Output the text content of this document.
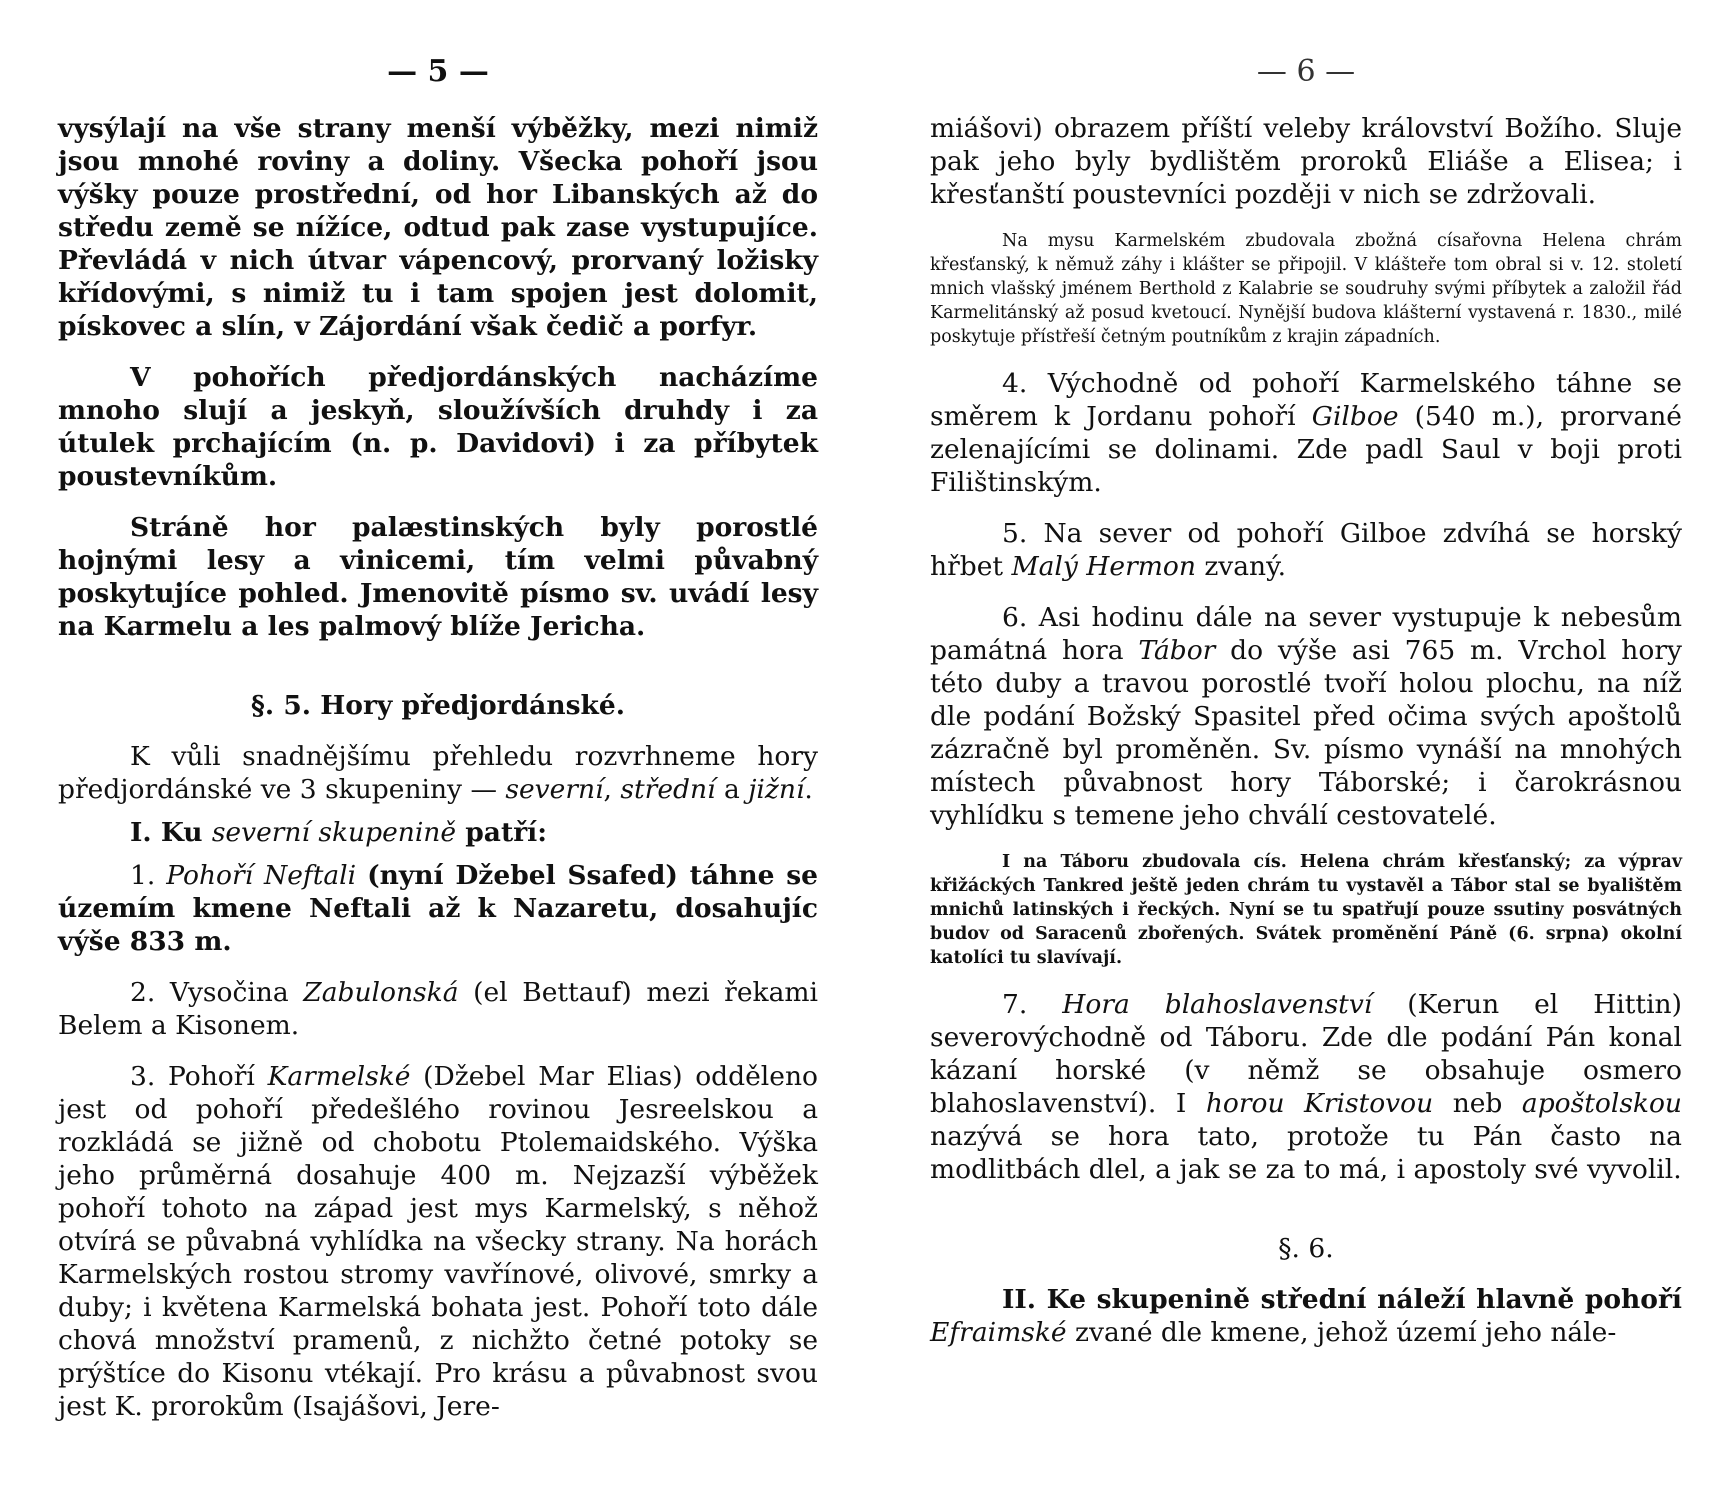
— 5 —

vysýlají na vše strany menší výběžky, mezi nimiž jsou mnohé roviny a doliny. Všecka pohoří jsou výšky pouze prostřední, od hor Libanských až do středu země se nížíce, odtud pak zase vystupujíce. Převládá v nich útvar vápencový, prorvaný ložisky křídovými, s nimiž tu i tam spojen jest dolomit, pískovec a slín, v Zájordání však čedič a porfyr.

V pohořích předjordánských nacházíme mnoho slují a jeskyň, sloužívších druhdy i za útulek prchajícím (n. p. Davidovi) i za příbytek poustevníkům.

Stráně hor palæstinských byly porostlé hojnými lesy a vinicemi, tím velmi půvabný poskytujíce pohled. Jmenovitě písmo sv. uvádí lesy na Karmelu a les palmový blíže Jericha.

§. 5. Hory předjordánské.

K vůli snadnějšímu přehledu rozvrhneme hory předjordánské ve 3 skupeniny — severní, střední a jižní.

I. Ku severní skupenině patří:

1. Pohoří Neftali (nyní Džebel Ssafed) táhne se územím kmene Neftali až k Nazaretu, dosahujíc výše 833 m.

2. Vysočina Zabulonská (el Bettauf) mezi řekami Belem a Kisonem.

3. Pohoří Karmelské (Džebel Mar Elias) odděleno jest od pohoří předešlého rovinou Jesreelskou a rozkládá se jižně od chobotu Ptolemaidského. Výška jeho průměrná dosahuje 400 m. Nejzazší výběžek pohoří tohoto na západ jest mys Karmelský, s něhož otvírá se půvabná vyhlídka na všecky strany. Na horách Karmelských rostou stromy vavřínové, olivové, smrky a duby; i květena Karmelská bohata jest. Pohoří toto dále chová množství pramenů, z nichžto četné potoky se prýštíce do Kisonu vtékají. Pro krásu a půvabnost svou jest K. prorokům (Isajášovi, Jere-

— 6 —

miášovi) obrazem příští veleby království Božího. Sluje pak jeho byly bydlištěm proroků Eliáše a Elisea; i křesťanští poustevníci později v nich se zdržovali.

Na mysu Karmelském zbudovala zbožná císařovna Helena chrám křesťanský, k němuž záhy i klášter se připojil. V klášteře tom obral si v. 12. století mnich vlašský jménem Berthold z Kalabrie se soudruhy svými příbytek a založil řád Karmelitánský až posud kvetoucí. Nynější budova klášterní vystavená r. 1830., milé poskytuje přístřeší četným poutníkům z krajin západních.

4. Východně od pohoří Karmelského táhne se směrem k Jordanu pohoří Gilboe (540 m.), prorvané zelenajícími se dolinami. Zde padl Saul v boji proti Filištinským.

5. Na sever od pohoří Gilboe zdvíhá se horský hřbet Malý Hermon zvaný.

6. Asi hodinu dále na sever vystupuje k nebesům památná hora Tábor do výše asi 765 m. Vrchol hory této duby a travou porostlé tvoří holou plochu, na níž dle podání Božský Spasitel před očima svých apoštolů zázračně byl proměněn. Sv. písmo vynáší na mnohých místech půvabnost hory Táborské; i čarokrásnou vyhlídku s temene jeho chválí cestovatelé.

I na Táboru zbudovala cís. Helena chrám křesťanský; za výprav křižáckých Tankred ještě jeden chrám tu vystavěl a Tábor stal se byalištěm mnichů latinských i řeckých. Nyní se tu spatřují pouze ssutiny posvátných budov od Saracenů zbořených. Svátek proměnění Páně (6. srpna) okolní katolíci tu slavívají.

7. Hora blahoslavenství (Kerun el Hittin) severovýchodně od Táboru. Zde dle podání Pán konal kázaní horské (v němž se obsahuje osmero blahoslavenství). I horou Kristovou neb apoštolskou nazývá se hora tato, protože tu Pán často na modlitbách dlel, a jak se za to má, i apostoly své vyvolil.

§. 6.

II. Ke skupenině střední náleží hlavně pohoří Efraimské zvané dle kmene, jehož území jeho nále-
